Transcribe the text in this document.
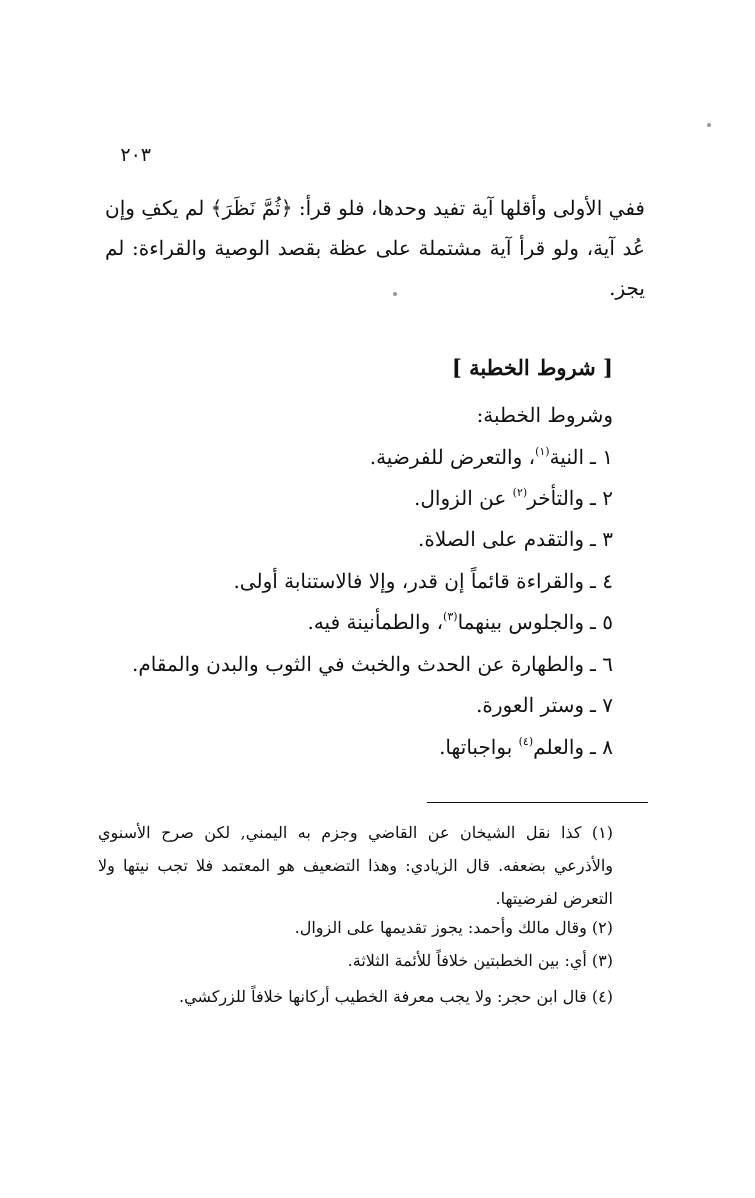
٢٠٣
ففي الأولى وأقلها آية تفيد وحدها، فلو قرأ: ﴿ثُمَّ نَظَرَ﴾ لم يكفِ وإن عُد آية، ولو قرأ آية مشتملة على عظة بقصد الوصية والقراءة: لم يجز.
[ شروط الخطبة ]
وشروط الخطبة:
١ ـالنية$^{(١)}$، والتعرض للفرضية.
٢ ـوالتأخر$^{(٢)}$ عن الزوال.
٣ ـوالتقدم على الصلاة.
٤ ـوالقراءة قائماً إن قدر، وإلا فالاستنابة أولى.
٥ ـوالجلوس بينهما$^{(٣)}$، والطمأنينة فيه.
٦ ـوالطهارة عن الحدث والخبث في الثوب والبدن والمقام.
٧ ـوستر العورة.
٨ ـوالعلم$^{(٤)}$ بواجباتها.
(١) كذا نقل الشيخان عن القاضي وجزم به اليمني, لكن صرح الأسنوي والأذرعي بضعفه. قال الزيادي: وهذا التضعيف هو المعتمد فلا تجب نيتها ولا التعرض لفرضيتها.
(٢) وقال مالك وأحمد: يجوز تقديمها على الزوال.
(٣) أي: بين الخطبتين خلافاً للأئمة الثلاثة.
(٤) قال ابن حجر: ولا يجب معرفة الخطيب أركانها خلافاً للزركشي.
